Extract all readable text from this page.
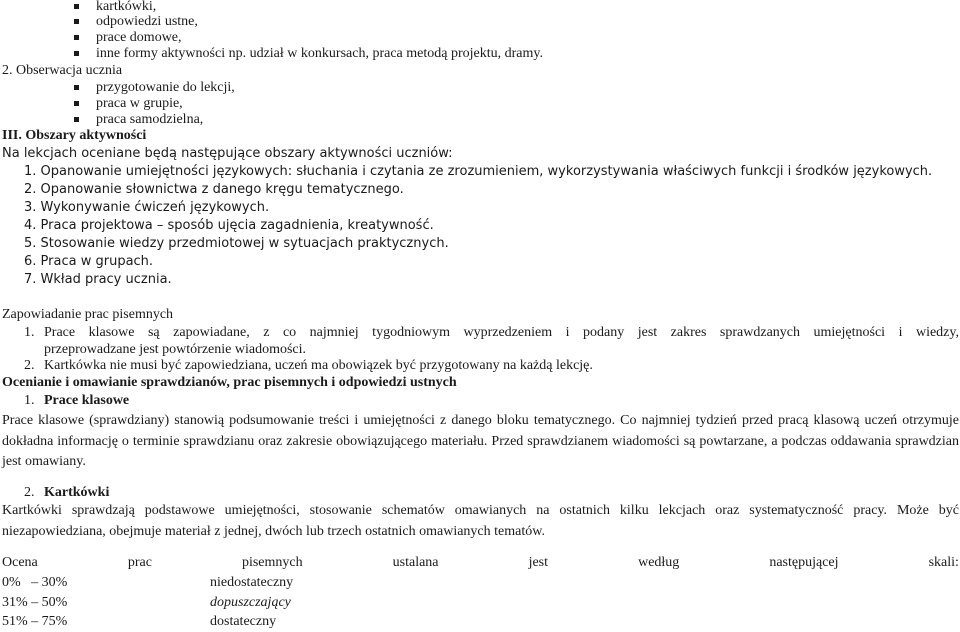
kartkówki,
odpowiedzi ustne,
prace domowe,
inne formy aktywności np. udział w konkursach, praca metodą projektu, dramy.
2. Obserwacja ucznia
przygotowanie do lekcji,
praca w grupie,
praca samodzielna,
III. Obszary aktywności
Na lekcjach oceniane będą następujące obszary aktywności uczniów:
1. Opanowanie umiejętności językowych: słuchania i czytania ze zrozumieniem, wykorzystywania właściwych funkcji i środków językowych.
2. Opanowanie słownictwa z danego kręgu tematycznego.
3. Wykonywanie ćwiczeń językowych.
4. Praca projektowa – sposób ujęcia zagadnienia, kreatywność.
5. Stosowanie wiedzy przedmiotowej w sytuacjach praktycznych.
6. Praca w grupach.
7. Wkład pracy ucznia.
Zapowiadanie prac pisemnych
1. Prace klasowe są zapowiadane, z co najmniej tygodniowym wyprzedzeniem i podany jest zakres sprawdzanych umiejętności i wiedzy,
przeprowadzane jest powtórzenie wiadomości.
2. Kartkówka nie musi być zapowiedziana, uczeń ma obowiązek być przygotowany na każdą lekcję.
Ocenianie i omawianie sprawdzianów, prac pisemnych i odpowiedzi ustnych
1. Prace klasowe
Prace klasowe (sprawdziany) stanowią podsumowanie treści i umiejętności z danego bloku tematycznego. Co najmniej tydzień przed pracą klasową uczeń otrzymuje dokładna informację o terminie sprawdzianu oraz zakresie obowiązującego materiału. Przed sprawdzianem wiadomości są powtarzane, a podczas oddawania sprawdzian jest omawiany.
2. Kartkówki
Kartkówki sprawdzają podstawowe umiejętności, stosowanie schematów omawianych na ostatnich kilku lekcjach oraz systematyczność pracy. Może być niezapowiedziana, obejmuje materiał z jednej, dwóch lub trzech ostatnich omawianych tematów.
Ocena	prac	pisemnych	ustalana	jest	według	następującej	skali:
0%   – 30%	niedostateczny
31% – 50%	dopuszczający
51% – 75%	dostateczny
